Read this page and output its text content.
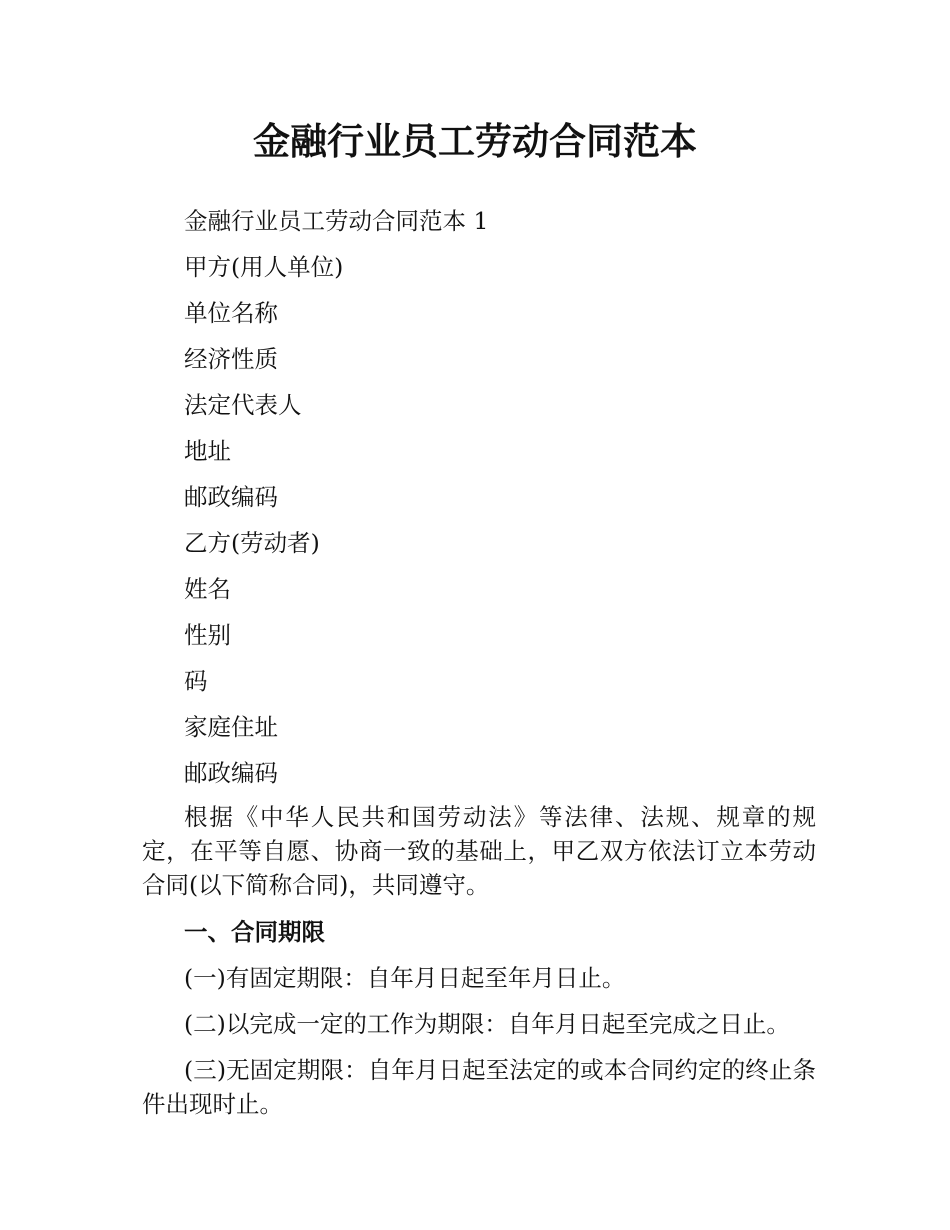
金融行业员工劳动合同范本
金融行业员工劳动合同范本 1
甲方(用人单位)
单位名称
经济性质
法定代表人
地址
邮政编码
乙方(劳动者)
姓名
性别
码
家庭住址
邮政编码

根据《中华人民共和国劳动法》等法律、法规、规章的规定，在平等自愿、协商一致的基础上，甲乙双方依法订立本劳动合同(以下简称合同)，共同遵守。

一、合同期限
(一)有固定期限：自年月日起至年月日止。
(二)以完成一定的工作为期限：自年月日起至完成之日止。

(三)无固定期限：自年月日起至法定的或本合同约定的终止条件出现时止。
